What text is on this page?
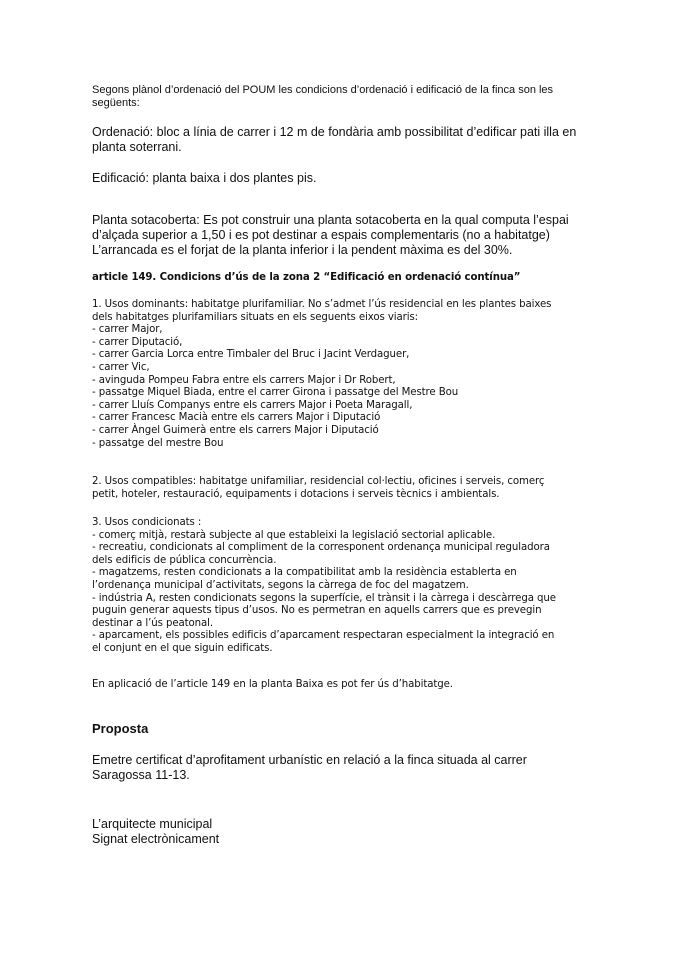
Segons plànol d’ordenació del POUM les condicions d’ordenació i edificació de la finca son les
següents:
Ordenació: bloc a línia de carrer i 12 m de fondària amb possibilitat d’edificar pati illa en
planta soterrani.
Edificació: planta baixa i dos plantes pis.
Planta sotacoberta: Es pot construir una planta sotacoberta en la qual computa l’espai
d’alçada superior a 1,50 i es pot destinar a espais complementaris (no a habitatge)
L’arrancada es el forjat de la planta inferior i la pendent màxima es del 30%.
article 149. Condicions d’ús de la zona 2 “Edificació en ordenació contínua”
1. Usos dominants: habitatge plurifamiliar. No s’admet l’ús residencial en les plantes baixes
dels habitatges plurifamiliars situats en els seguents eixos viaris:
- carrer Major,
- carrer Diputació,
- carrer Garcia Lorca entre Timbaler del Bruc i Jacint Verdaguer,
- carrer Vic,
- avinguda Pompeu Fabra entre els carrers Major i Dr Robert,
- passatge Miquel Biada, entre el carrer Girona i passatge del Mestre Bou
- carrer Lluís Companys entre els carrers Major i Poeta Maragall,
- carrer Francesc Macià entre els carrers Major i Diputació
- carrer Àngel Guimerà entre els carrers Major i Diputació
- passatge del mestre Bou
2. Usos compatibles: habitatge unifamiliar, residencial col·lectiu, oficines i serveis, comerç
petit, hoteler, restauració, equipaments i dotacions i serveis tècnics i ambientals.
3. Usos condicionats :
- comerç mitjà, restarà subjecte al que estableixi la legislació sectorial aplicable.
- recreatiu, condicionats al compliment de la corresponent ordenança municipal reguladora
dels edificis de pública concurrència.
- magatzems, resten condicionats a la compatibilitat amb la residència establerta en
l’ordenança municipal d’activitats, segons la càrrega de foc del magatzem.
- indústria A, resten condicionats segons la superfície, el trànsit i la càrrega i descàrrega que
puguin generar aquests tipus d’usos. No es permetran en aquells carrers que es prevegin
destinar a l’ús peatonal.
- aparcament, els possibles edificis d’aparcament respectaran especialment la integració en
el conjunt en el que siguin edificats.
En aplicació de l’article 149 en la planta Baixa es pot fer ús d’habitatge.
Proposta
Emetre certificat d’aprofitament urbanístic en relació a la finca situada al carrer
Saragossa 11-13.
L’arquitecte municipal
Signat electrònicament
